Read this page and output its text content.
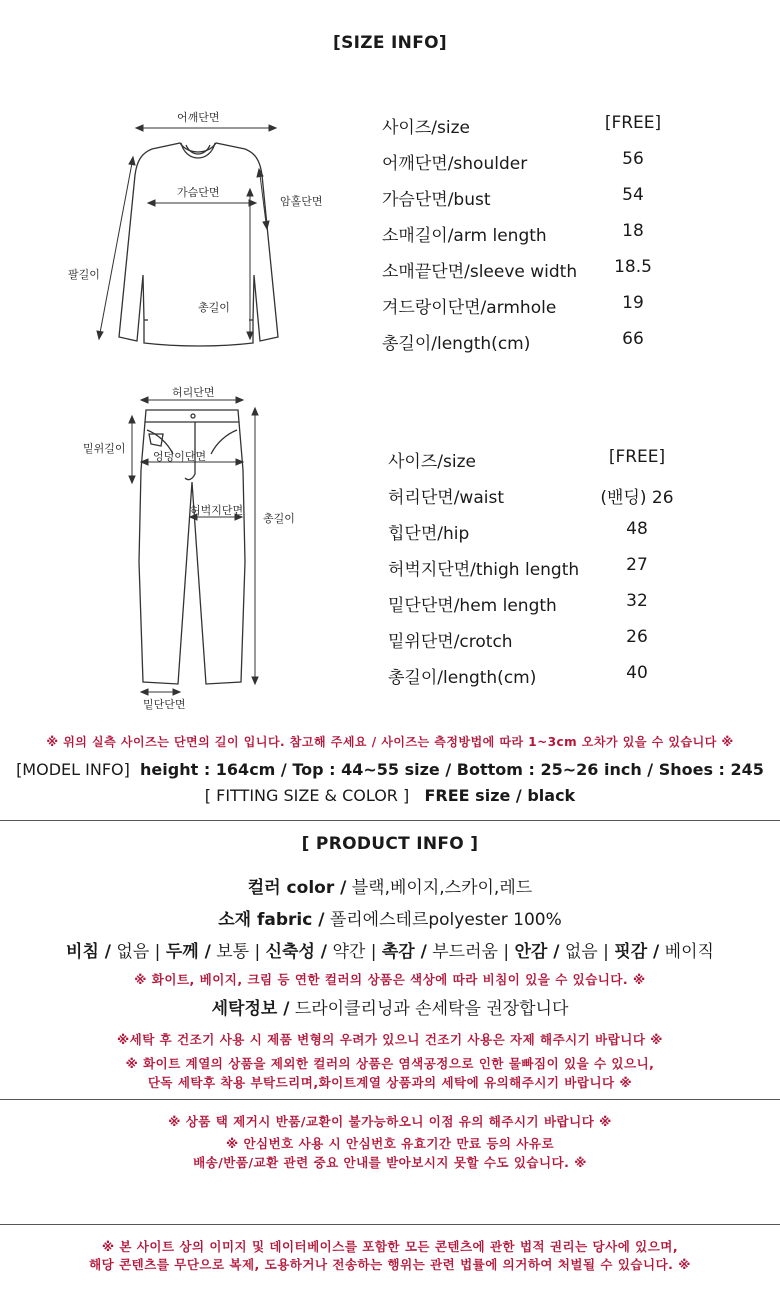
[SIZE INFO]
어깨단면
가슴단면
암홀단면
팔길이
총길이
사이즈/size	[FREE]
어깨단면/shoulder	56
가슴단면/bust	54
소매길이/arm length	18
소매끝단면/sleeve width	18.5
겨드랑이단면/armhole	19
총길이/length(cm)	66
허리단면
밑위길이
엉덩이단면
허벅지단면
총길이
밑단단면
사이즈/size	[FREE]
허리단면/waist	(밴딩) 26
힙단면/hip	48
허벅지단면/thigh length	27
밑단단면/hem length	32
밑위단면/crotch	26
총길이/length(cm)	40
※ 위의 실측 사이즈는 단면의 길이 입니다. 참고해 주세요 / 사이즈는 측정방법에 따라 1~3cm 오차가 있을 수 있습니다 ※
[MODEL INFO] height : 164cm / Top : 44~55 size / Bottom : 25~26 inch / Shoes : 245
[ FITTING SIZE & COLOR ] FREE size / black
[ PRODUCT INFO ]
컬러 color / 블랙,베이지,스카이,레드
소재 fabric / 폴리에스테르polyester 100%
비침 / 없음 | 두께 / 보통 | 신축성 / 약간 | 촉감 / 부드러움 | 안감 / 없음 | 핏감 / 베이직
※ 화이트, 베이지, 크림 등 연한 컬러의 상품은 색상에 따라 비침이 있을 수 있습니다. ※
세탁정보 / 드라이클리닝과 손세탁을 권장합니다
※세탁 후 건조기 사용 시 제품 변형의 우려가 있으니 건조기 사용은 자제 해주시기 바랍니다 ※
※ 화이트 계열의 상품을 제외한 컬러의 상품은 염색공정으로 인한 물빠짐이 있을 수 있으니,
단독 세탁후 착용 부탁드리며,화이트계열 상품과의 세탁에 유의해주시기 바랍니다 ※
※ 상품 택 제거시 반품/교환이 불가능하오니 이점 유의 해주시기 바랍니다 ※
※ 안심번호 사용 시 안심번호 유효기간 만료 등의 사유로
배송/반품/교환 관련 중요 안내를 받아보시지 못할 수도 있습니다. ※
※ 본 사이트 상의 이미지 및 데이터베이스를 포함한 모든 콘텐츠에 관한 법적 권리는 당사에 있으며,
해당 콘텐츠를 무단으로 복제, 도용하거나 전송하는 행위는 관련 법률에 의거하여 처벌될 수 있습니다. ※
